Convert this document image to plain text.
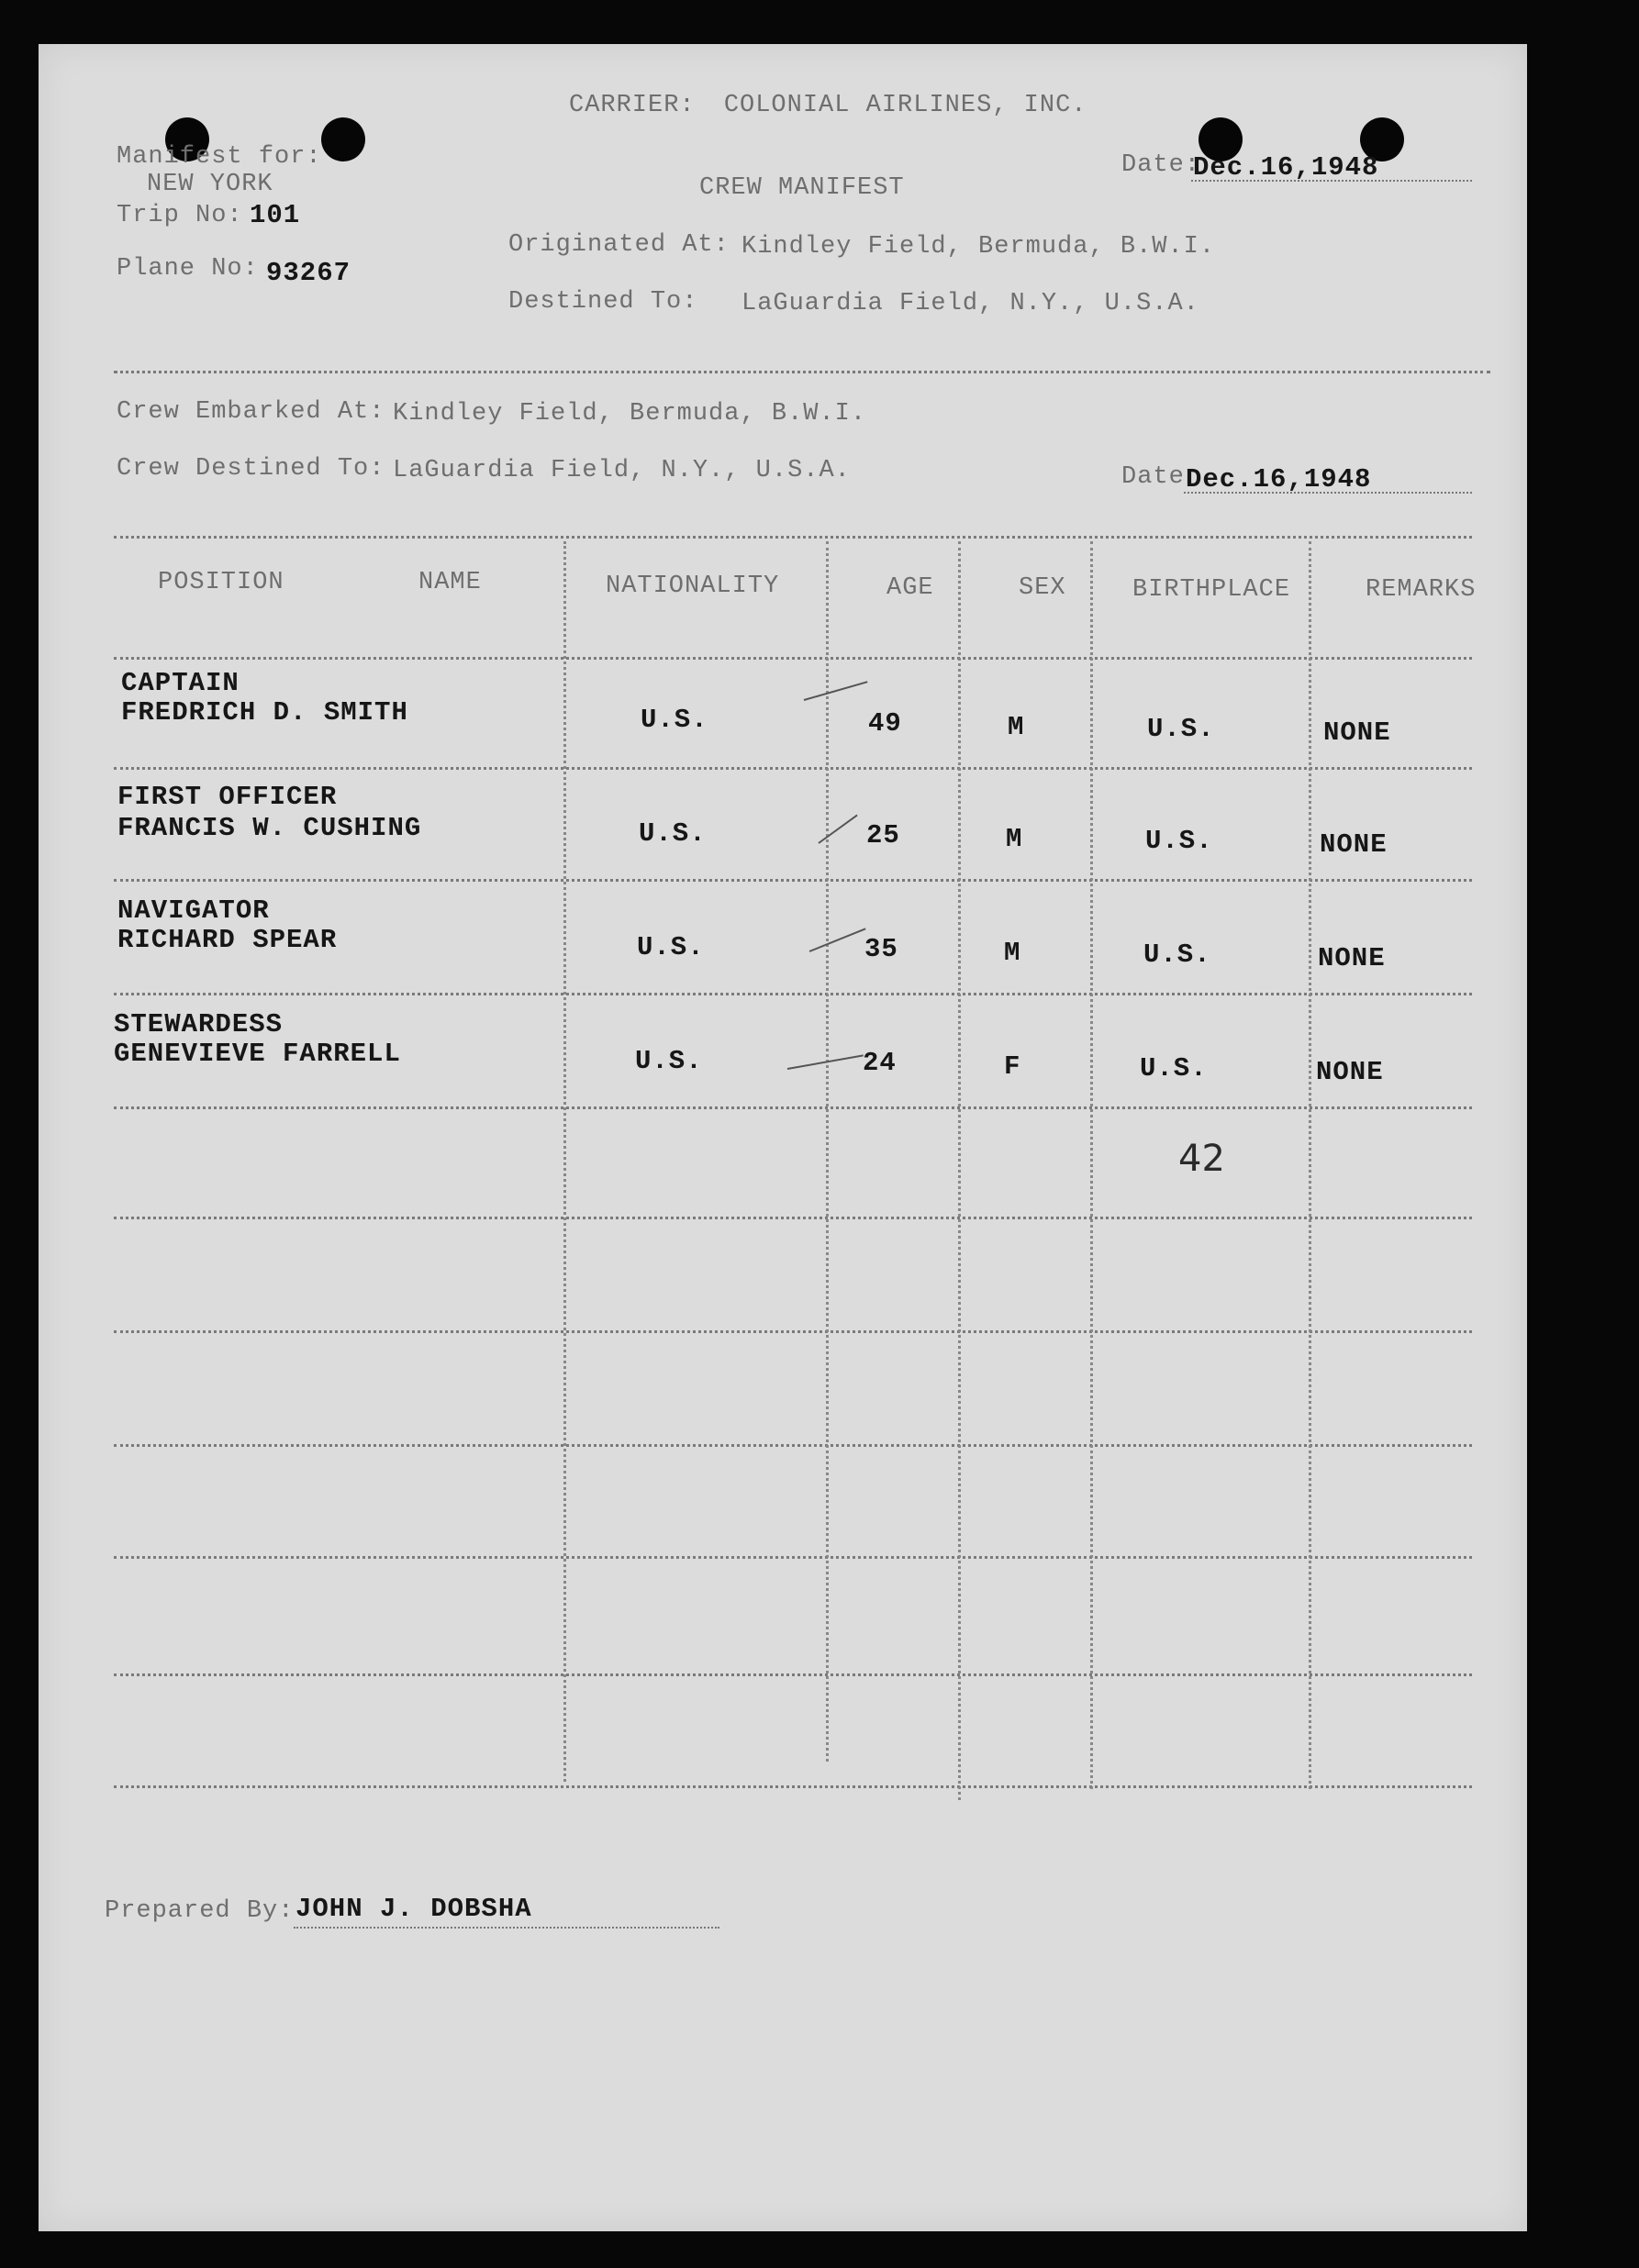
CARRIER: COLONIAL AIRLINES, INC.
Manifest for:
NEW YORK
Trip No: 101
Plane No: 93267
CREW MANIFEST
Date:
Dec.16,1948
Originated At: Kindley Field, Bermuda, B.W.I.
Destined To: LaGuardia Field, N.Y., U.S.A.
Crew Embarked At: Kindley Field, Bermuda, B.W.I.
Crew Destined To: LaGuardia Field, N.Y., U.S.A.	Date Dec.16,1948
POSITION	NAME	NATIONALITY	AGE	SEX	BIRTHPLACE	REMARKS
CAPTAIN
FREDRICH D. SMITH	U.S.	49	M	U.S.	NONE
FIRST OFFICER
FRANCIS W. CUSHING	U.S.	25	M	U.S.	NONE
NAVIGATOR
RICHARD SPEAR	U.S.	35	M	U.S.	NONE
STEWARDESS
GENEVIEVE FARRELL	U.S.	24	F	U.S.	NONE
42
Prepared By: JOHN J. DOBSHA
